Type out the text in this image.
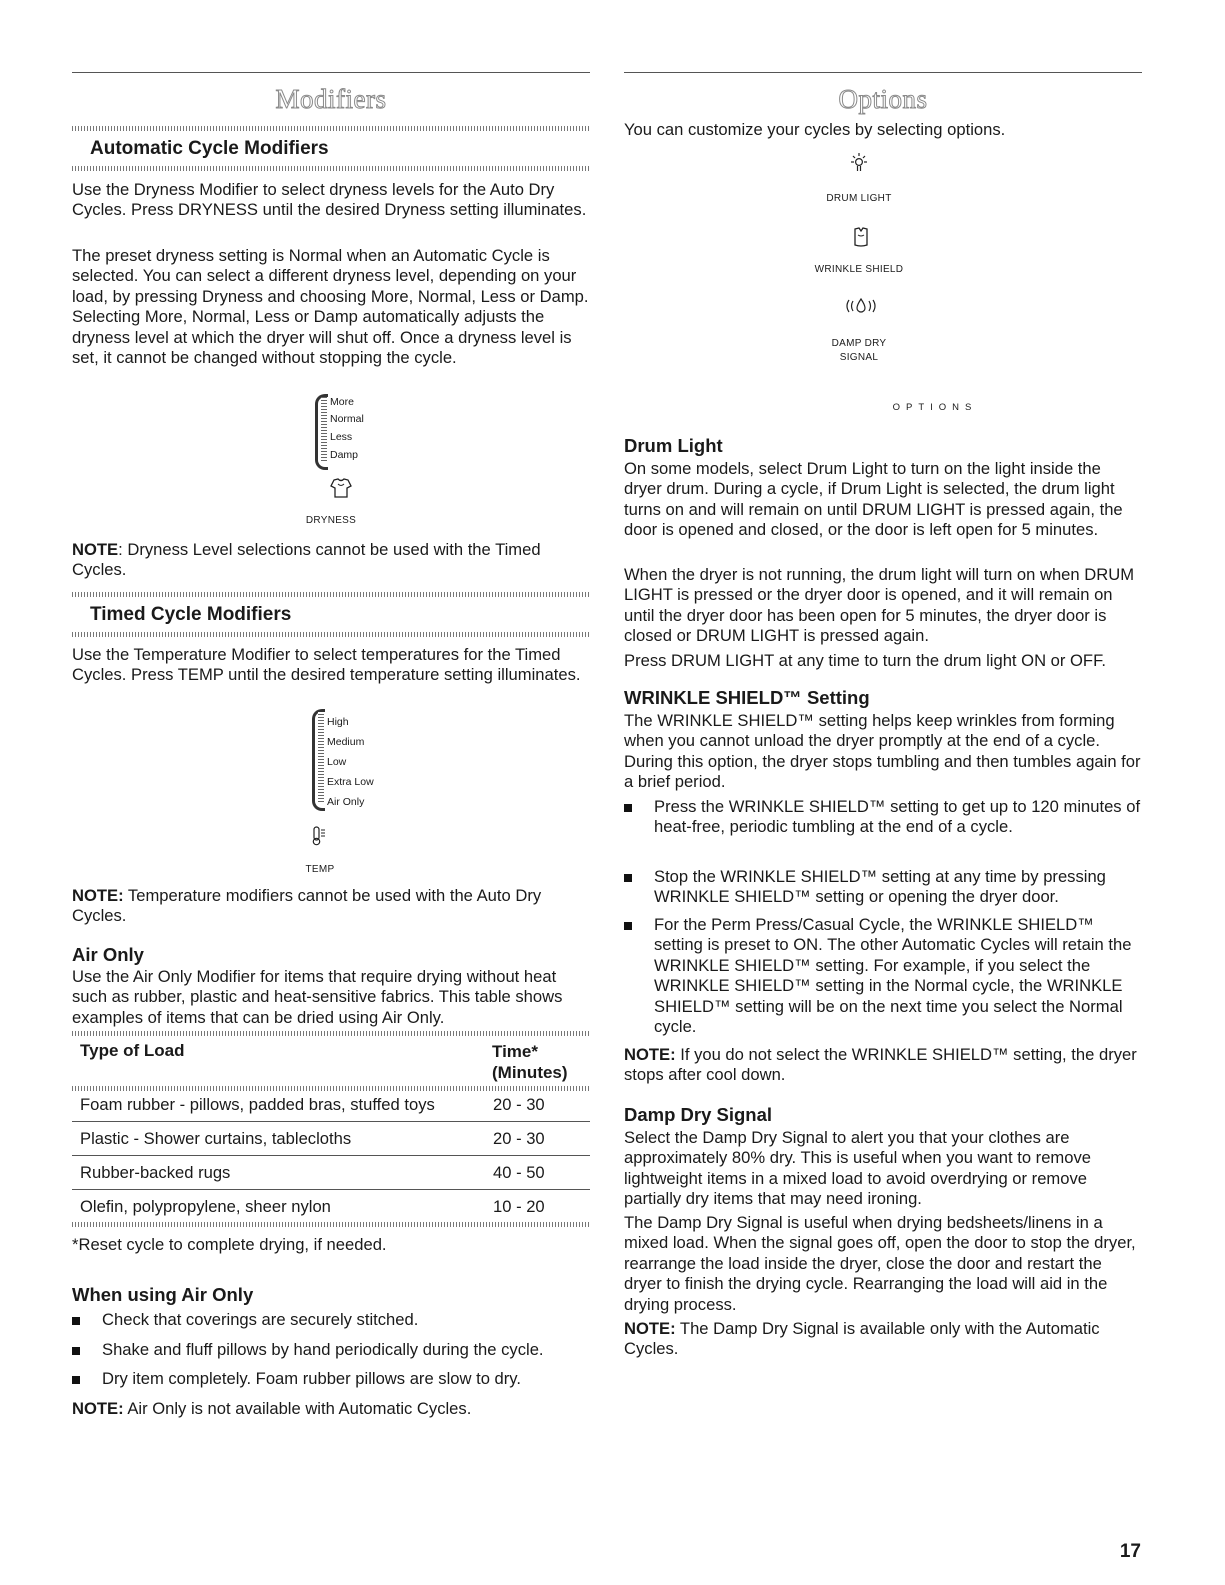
Modifiers
Automatic Cycle Modifiers

Use the Dryness Modifier to select dryness levels for the Auto Dry Cycles. Press DRYNESS until the desired Dryness setting illuminates.

The preset dryness setting is Normal when an Automatic Cycle is selected. You can select a different dryness level, depending on your load, by pressing Dryness and choosing More, Normal, Less or Damp. Selecting More, Normal, Less or Damp automatically adjusts the dryness level at which the dryer will shut off. Once a dryness level is set, it cannot be changed without stopping the cycle.

More
Normal
Less
Damp
DRYNESS

NOTE: Dryness Level selections cannot be used with the Timed Cycles.

Timed Cycle Modifiers

Use the Temperature Modifier to select temperatures for the Timed Cycles. Press TEMP until the desired temperature setting illuminates.

High
Medium
Low
Extra Low
Air Only
TEMP

NOTE: Temperature modifiers cannot be used with the Auto Dry Cycles.

Air Only

Use the Air Only Modifier for items that require drying without heat such as rubber, plastic and heat-sensitive fabrics. This table shows examples of items that can be dried using Air Only.

Type of Load	Time*
(Minutes)
Foam rubber - pillows, padded bras, stuffed toys	20 - 30
Plastic - Shower curtains, tablecloths	20 - 30
Rubber-backed rugs	40 - 50
Olefin, polypropylene, sheer nylon	10 - 20

*Reset cycle to complete drying, if needed.

When using Air Only
Check that coverings are securely stitched.
Shake and fluff pillows by hand periodically during the cycle.
Dry item completely. Foam rubber pillows are slow to dry.

NOTE: Air Only is not available with Automatic Cycles.

Options

You can customize your cycles by selecting options.

DRUM LIGHT
WRINKLE SHIELD
DAMP DRY
SIGNAL
OPTIONS
Drum Light

On some models, select Drum Light to turn on the light inside the dryer drum. During a cycle, if Drum Light is selected, the drum light turns on and will remain on until DRUM LIGHT is pressed again, the door is opened and closed, or the door is left open for 5 minutes.

When the dryer is not running, the drum light will turn on when DRUM LIGHT is pressed or the dryer door is opened, and it will remain on until the dryer door has been open for 5 minutes, the dryer door is closed or DRUM LIGHT is pressed again.

Press DRUM LIGHT at any time to turn the drum light ON or OFF.

WRINKLE SHIELD™ Setting

The WRINKLE SHIELD™ setting helps keep wrinkles from forming when you cannot unload the dryer promptly at the end of a cycle. During this option, the dryer stops tumbling and then tumbles again for a brief period.

Press the WRINKLE SHIELD™ setting to get up to 120 minutes of heat-free, periodic tumbling at the end of a cycle.
Stop the WRINKLE SHIELD™ setting at any time by pressing WRINKLE SHIELD™ setting or opening the dryer door.
For the Perm Press/Casual Cycle, the WRINKLE SHIELD™ setting is preset to ON. The other Automatic Cycles will retain the WRINKLE SHIELD™ setting. For example, if you select the WRINKLE SHIELD™ setting in the Normal cycle, the WRINKLE SHIELD™ setting will be on the next time you select the Normal cycle.

NOTE: If you do not select the WRINKLE SHIELD™ setting, the dryer stops after cool down.

Damp Dry Signal

Select the Damp Dry Signal to alert you that your clothes are approximately 80% dry. This is useful when you want to remove lightweight items in a mixed load to avoid overdrying or remove partially dry items that may need ironing.

The Damp Dry Signal is useful when drying bedsheets/linens in a mixed load. When the signal goes off, open the door to stop the dryer, rearrange the load inside the dryer, close the door and restart the dryer to finish the drying cycle. Rearranging the load will aid in the drying process.

NOTE: The Damp Dry Signal is available only with the Automatic Cycles.

17
